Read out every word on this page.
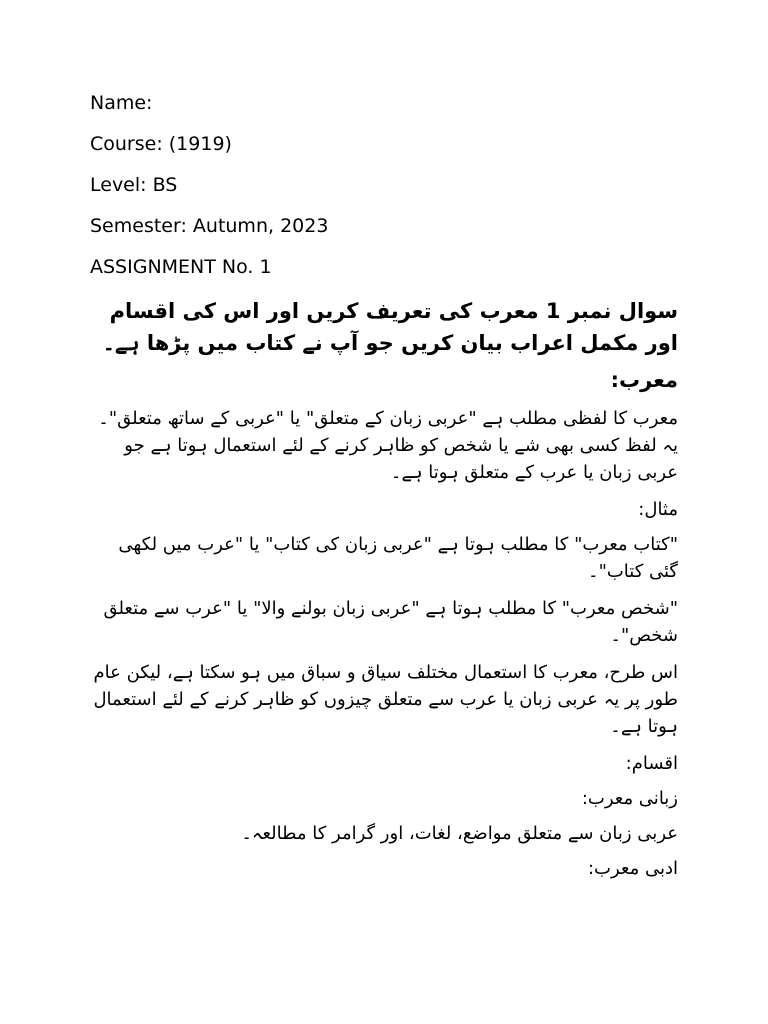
Name:
Course: (1919)
Level: BS
Semester: Autumn, 2023
ASSIGNMENT No. 1
سوال نمبر 1 معرب کی تعریف کریں اور اس کی اقسام اور مکمل اعراب بیان کریں جو آپ نے کتاب میں پڑھا ہے۔
معرب:

معرب کا لفظی مطلب ہے "عربی زبان کے متعلق" یا "عربی کے ساتھ متعلق"۔ یہ لفظ کسی بھی شے یا شخص کو ظاہر کرنے کے لئے استعمال ہوتا ہے جو عربی زبان یا عرب کے متعلق ہوتا ہے۔

مثال:

"کتاب معرب" کا مطلب ہوتا ہے "عربی زبان کی کتاب" یا "عرب میں لکھی گئی کتاب"۔

"شخص معرب" کا مطلب ہوتا ہے "عربی زبان بولنے والا" یا "عرب سے متعلق شخص"۔

اس طرح، معرب کا استعمال مختلف سیاق و سباق میں ہو سکتا ہے، لیکن عام طور پر یہ عربی زبان یا عرب سے متعلق چیزوں کو ظاہر کرنے کے لئے استعمال ہوتا ہے۔

اقسام:

زبانی معرب:

عربی زبان سے متعلق مواضع، لغات، اور گرامر کا مطالعہ۔

ادبی معرب:
